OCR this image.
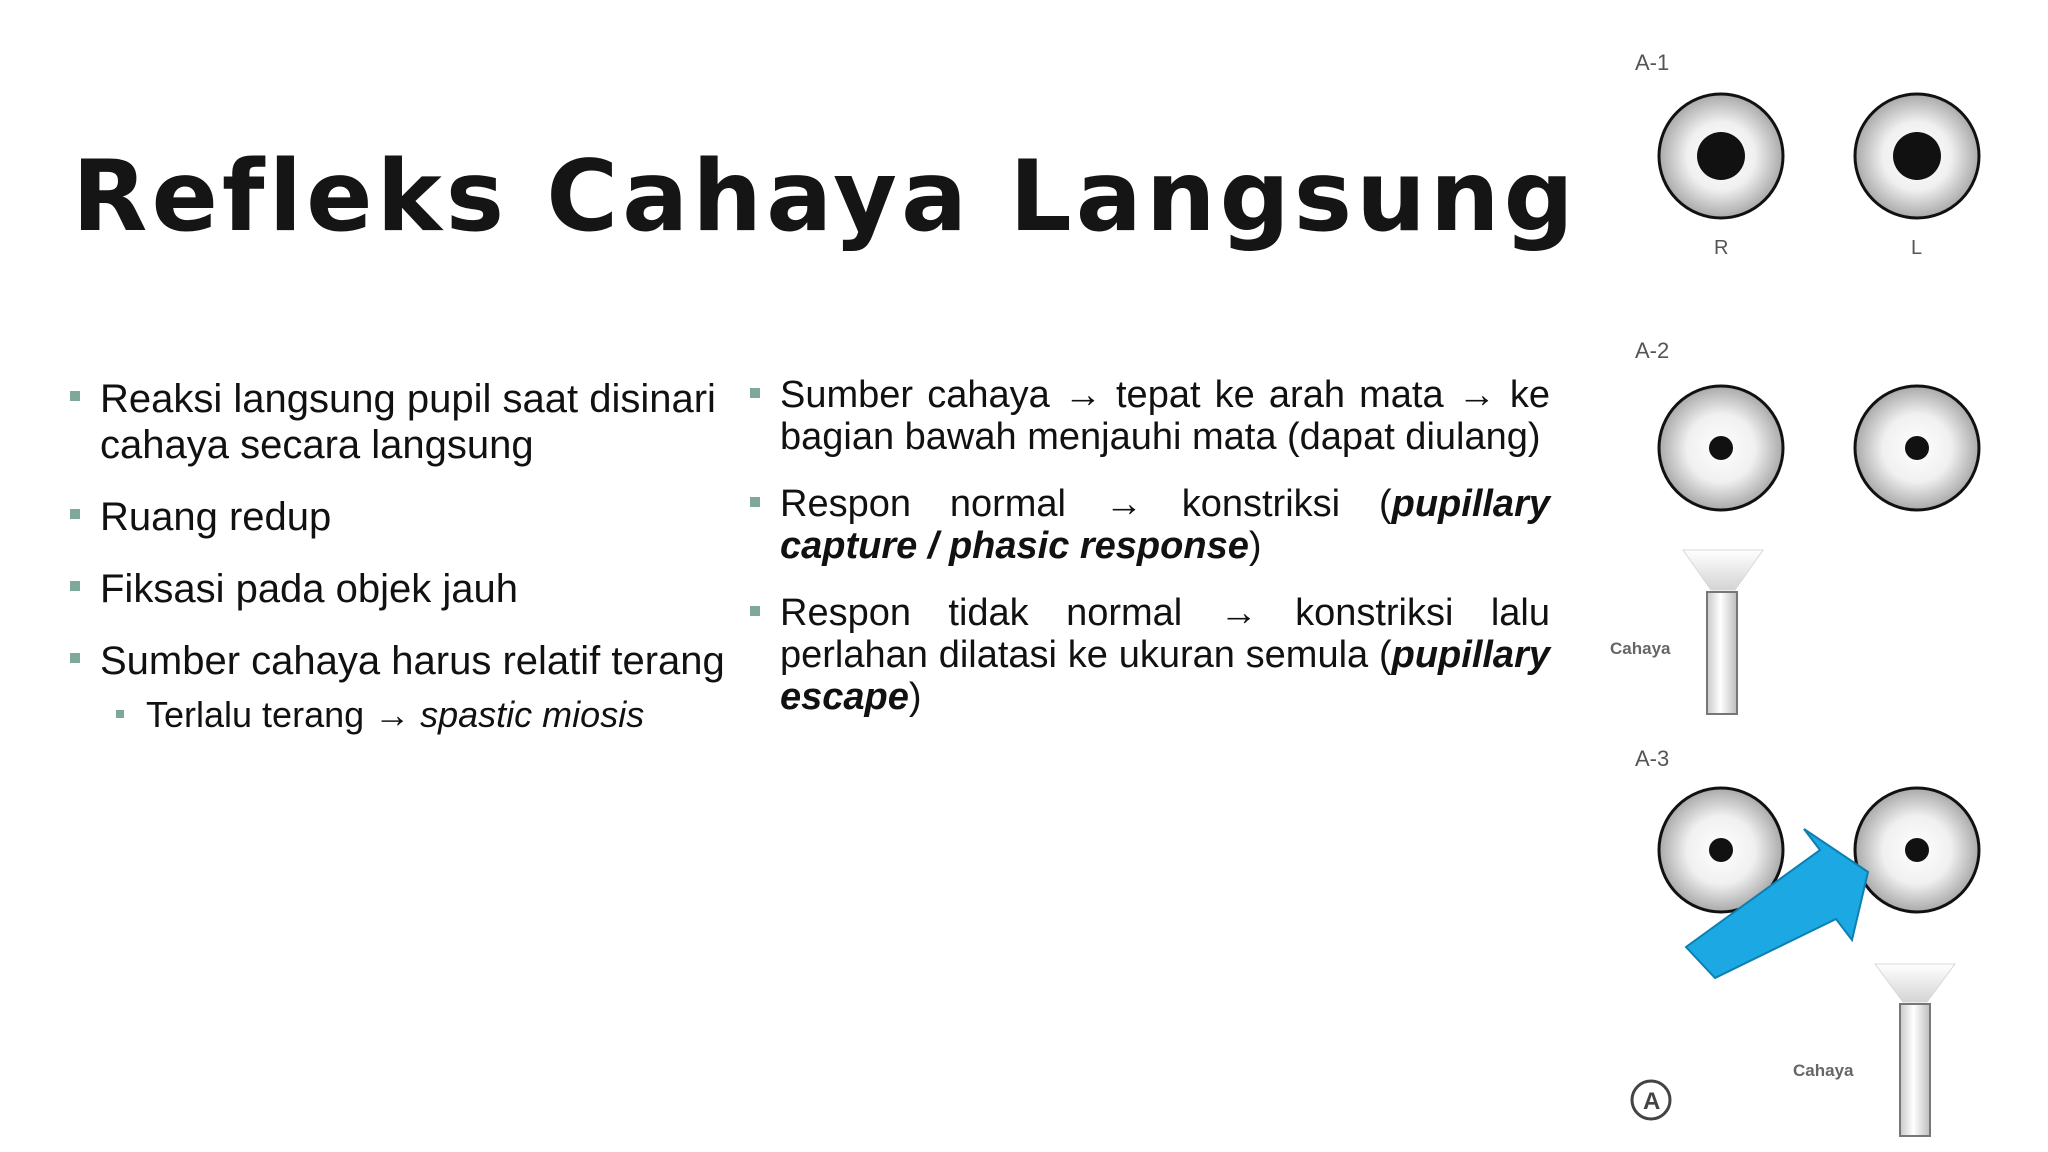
Refleks Cahaya Langsung
Reaksi langsung pupil saat disinari cahaya secara langsung
Ruang redup
Fiksasi pada objek jauh
Sumber cahaya harus relatif terang
Terlalu terang → spastic miosis
Sumber cahaya → tepat ke arah mata → ke bagian bawah menjauhi mata (dapat diulang)
Respon normal → konstriksi (pupillary capture / phasic response)
Respon tidak normal → konstriksi lalu perlahan dilatasi ke ukuran semula (pupillary escape)
A-1
R	L
A-2
Cahaya
A-3
Cahaya
A
